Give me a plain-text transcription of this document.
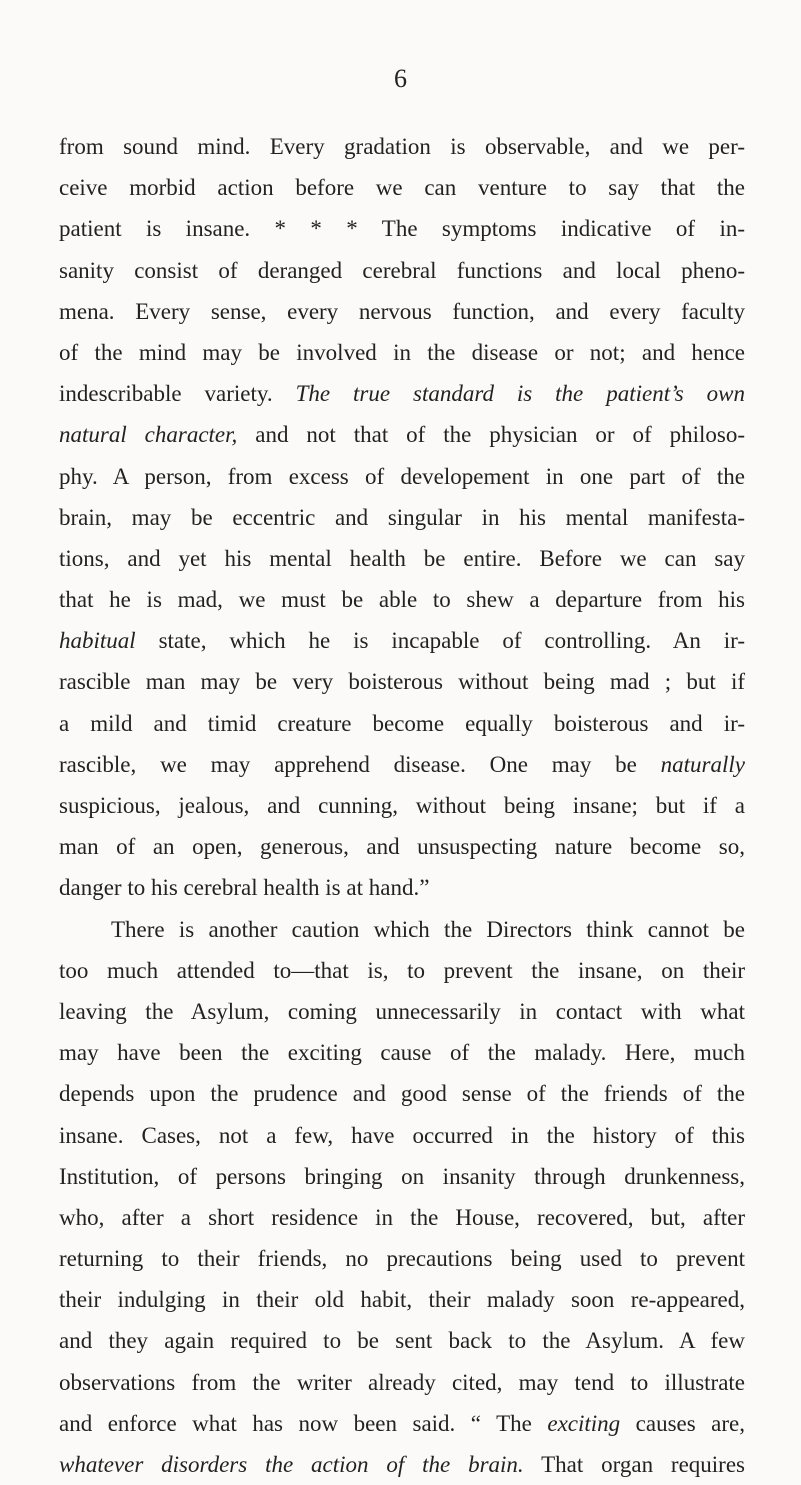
6
from sound mind. Every gradation is observable, and we per-
ceive morbid action before we can venture to say that the
patient is insane. * * * The symptoms indicative of in-
sanity consist of deranged cerebral functions and local pheno-
mena. Every sense, every nervous function, and every faculty
of the mind may be involved in the disease or not; and hence
indescribable variety. The true standard is the patient’s own
natural character, and not that of the physician or of philoso-
phy. A person, from excess of developement in one part of the
brain, may be eccentric and singular in his mental manifesta-
tions, and yet his mental health be entire. Before we can say
that he is mad, we must be able to shew a departure from his
habitual state, which he is incapable of controlling. An ir-
rascible man may be very boisterous without being mad ; but if
a mild and timid creature become equally boisterous and ir-
rascible, we may apprehend disease. One may be naturally
suspicious, jealous, and cunning, without being insane; but if a
man of an open, generous, and unsuspecting nature become so,
danger to his cerebral health is at hand.”
There is another caution which the Directors think cannot be
too much attended to—that is, to prevent the insane, on their
leaving the Asylum, coming unnecessarily in contact with what
may have been the exciting cause of the malady. Here, much
depends upon the prudence and good sense of the friends of the
insane. Cases, not a few, have occurred in the history of this
Institution, of persons bringing on insanity through drunkenness,
who, after a short residence in the House, recovered, but, after
returning to their friends, no precautions being used to prevent
their indulging in their old habit, their malady soon re-appeared,
and they again required to be sent back to the Asylum. A few
observations from the writer already cited, may tend to illustrate
and enforce what has now been said. “ The exciting causes are,
whatever disorders the action of the brain. That organ requires
